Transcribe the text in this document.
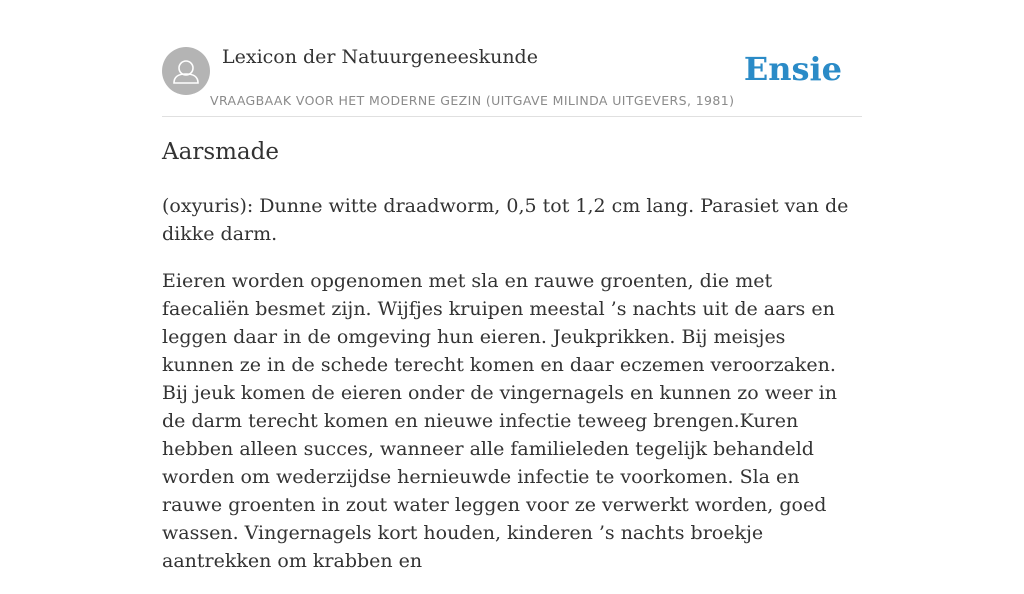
Lexicon der Natuurgeneeskunde
VRAAGBAAK VOOR HET MODERNE GEZIN (UITGAVE MILINDA UITGEVERS, 1981)
Ensie
Aarsmade

(oxyuris): Dunne witte draadworm, 0,5 tot 1,2 cm lang. Parasiet van de dikke darm.

Eieren worden opgenomen met sla en rauwe groenten, die met faecaliën besmet zijn. Wijfjes kruipen meestal ’s nachts uit de aars en leggen daar in de omgeving hun eieren. Jeukprikken. Bij meisjes kunnen ze in de schede terecht komen en daar eczemen veroorzaken. Bij jeuk komen de eieren onder de vingernagels en kunnen zo weer in de darm terecht komen en nieuwe infectie teweeg brengen.Kuren hebben alleen succes, wanneer alle familieleden tegelijk behandeld worden om wederzijdse hernieuwde infectie te voorkomen. Sla en rauwe groenten in zout water leggen voor ze verwerkt worden, goed wassen. Vingernagels kort houden, kinderen ’s nachts broekje aantrekken om krabben en
